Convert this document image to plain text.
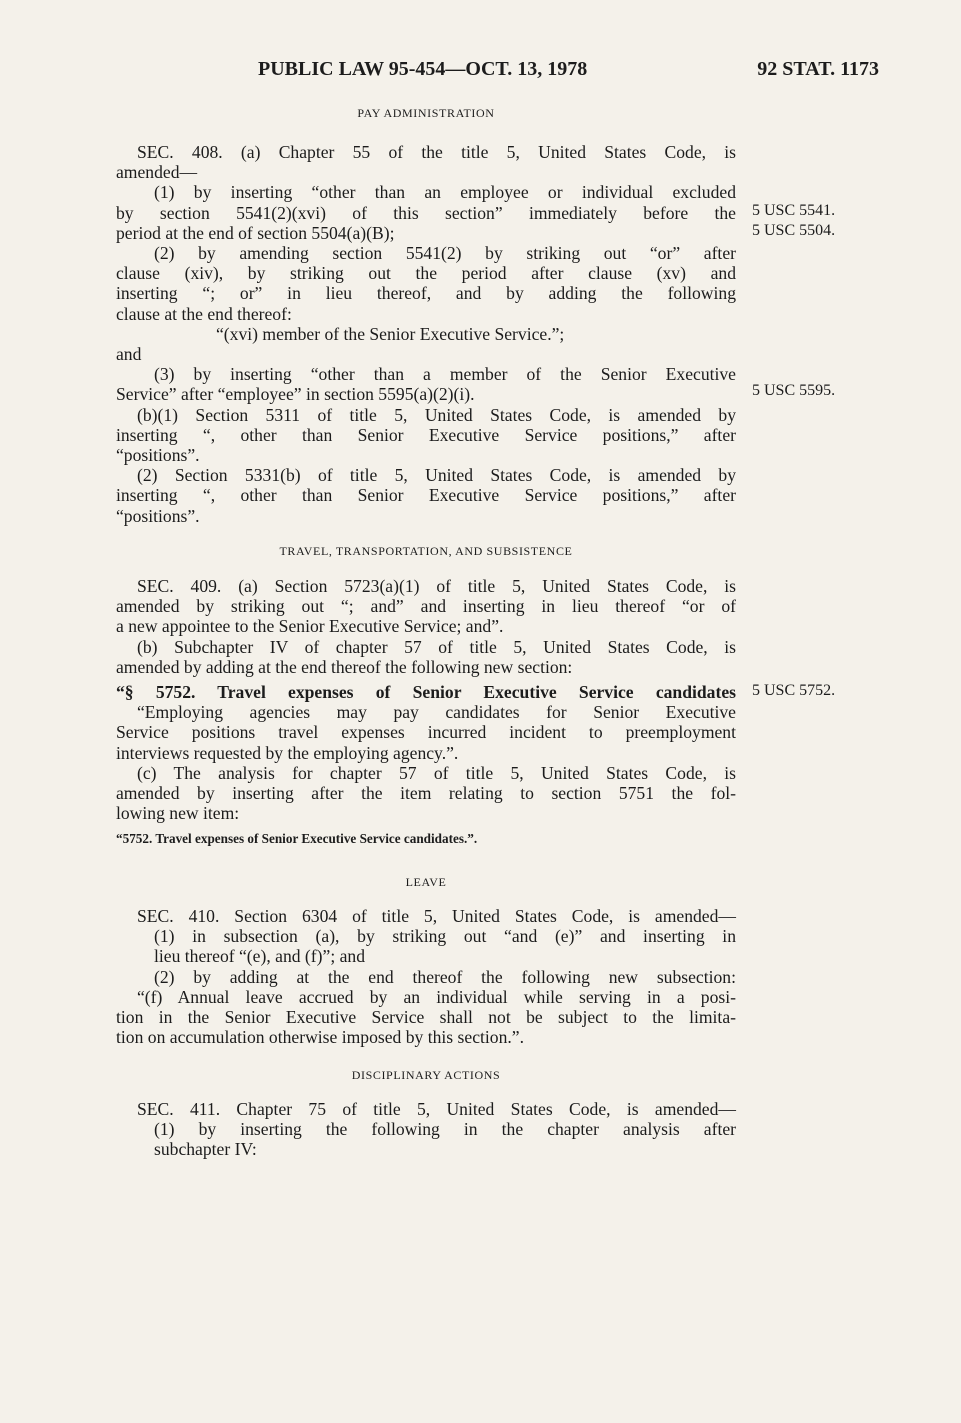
PUBLIC LAW 95-454—OCT. 13, 1978	92 STAT. 1173
PAY ADMINISTRATION
SEC. 408. (a) Chapter 55 of the title 5, United States Code, is
amended—
(1) by inserting “other than an employee or individual excluded
by section 5541(2)(xvi) of this section” immediately before the
period at the end of section 5504(a)(B);
(2) by amending section 5541(2) by striking out “or” after
clause (xiv), by striking out the period after clause (xv) and
inserting “; or” in lieu thereof, and by adding the following
clause at the end thereof:
“(xvi) member of the Senior Executive Service.”;
and
(3) by inserting “other than a member of the Senior Executive
Service” after “employee” in section 5595(a)(2)(i).
(b)(1) Section 5311 of title 5, United States Code, is amended by
inserting “, other than Senior Executive Service positions,” after
“positions”.
(2) Section 5331(b) of title 5, United States Code, is amended by
inserting “, other than Senior Executive Service positions,” after
“positions”.
5 USC 5541.
5 USC 5504.
5 USC 5595.
TRAVEL, TRANSPORTATION, AND SUBSISTENCE
SEC. 409. (a) Section 5723(a)(1) of title 5, United States Code, is
amended by striking out “; and” and inserting in lieu thereof “or of
a new appointee to the Senior Executive Service; and”.
(b) Subchapter IV of chapter 57 of title 5, United States Code, is
amended by adding at the end thereof the following new section:
“§ 5752. Travel expenses of Senior Executive Service candidates
“Employing agencies may pay candidates for Senior Executive
Service positions travel expenses incurred incident to preemployment
interviews requested by the employing agency.”.
(c) The analysis for chapter 57 of title 5, United States Code, is
amended by inserting after the item relating to section 5751 the fol-
lowing new item:
“5752. Travel expenses of Senior Executive Service candidates.”.
5 USC 5752.
LEAVE
SEC. 410. Section 6304 of title 5, United States Code, is amended—
(1) in subsection (a), by striking out “and (e)” and inserting in
lieu thereof “(e), and (f)”; and
(2) by adding at the end thereof the following new subsection:
“(f) Annual leave accrued by an individual while serving in a posi-
tion in the Senior Executive Service shall not be subject to the limita-
tion on accumulation otherwise imposed by this section.”.
DISCIPLINARY ACTIONS
SEC. 411. Chapter 75 of title 5, United States Code, is amended—
(1) by inserting the following in the chapter analysis after
subchapter IV:
